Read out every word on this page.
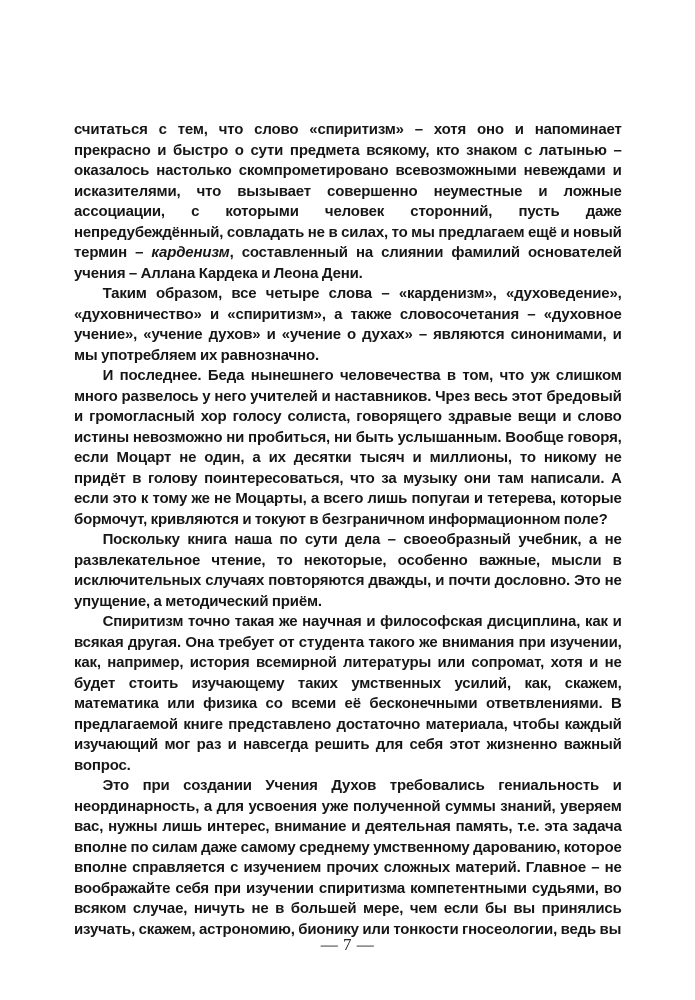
считаться с тем, что слово «спиритизм» – хотя оно и напоминает прекрасно и быстро о сути предмета всякому, кто знаком с латынью – оказалось настолько скомпрометировано всевозможными невеждами и исказителями, что вызывает совершенно неуместные и ложные ассоциации, с которыми человек сторонний, пусть даже непредубеждённый, совладать не в силах, то мы предлагаем ещё и новый термин – карденизм, составленный на слиянии фамилий основателей учения – Аллана Кардека и Леона Дени.

Таким образом, все четыре слова – «карденизм», «духоведение», «духовничество» и «спиритизм», а также словосочетания – «духовное учение», «учение духов» и «учение о духах» – являются синонимами, и мы употребляем их равнозначно.

И последнее. Беда нынешнего человечества в том, что уж слишком много развелось у него учителей и наставников. Чрез весь этот бредовый и громогласный хор голосу солиста, говорящего здравые вещи и слово истины невозможно ни пробиться, ни быть услышанным. Вообще говоря, если Моцарт не один, а их десятки тысяч и миллионы, то никому не придёт в голову поинтересоваться, что за музыку они там написали. А если это к тому же не Моцарты, а всего лишь попугаи и тетерева, которые бормочут, кривляются и токуют в безграничном информационном поле?

Поскольку книга наша по сути дела – своеобразный учебник, а не развлекательное чтение, то некоторые, особенно важные, мысли в исключительных случаях повторяются дважды, и почти дословно. Это не упущение, а методический приём.

Спиритизм точно такая же научная и философская дисциплина, как и всякая другая. Она требует от студента такого же внимания при изучении, как, например, история всемирной литературы или сопромат, хотя и не будет стоить изучающему таких умственных усилий, как, скажем, математика или физика со всеми её бесконечными ответвлениями. В предлагаемой книге представлено достаточно материала, чтобы каждый изучающий мог раз и навсегда решить для себя этот жизненно важный вопрос.

Это при создании Учения Духов требовались гениальность и неординарность, а для усвоения уже полученной суммы знаний, уверяем вас, нужны лишь интерес, внимание и деятельная память, т.е. эта задача вполне по силам даже самому среднему умственному дарованию, которое вполне справляется с изучением прочих сложных материй. Главное – не воображайте себя при изучении спиритизма компетентными судьями, во всяком случае, ничуть не в большей мере, чем если бы вы принялись изучать, скажем, астрономию, бионику или тонкости гносеологии, ведь вы

— 7 —
